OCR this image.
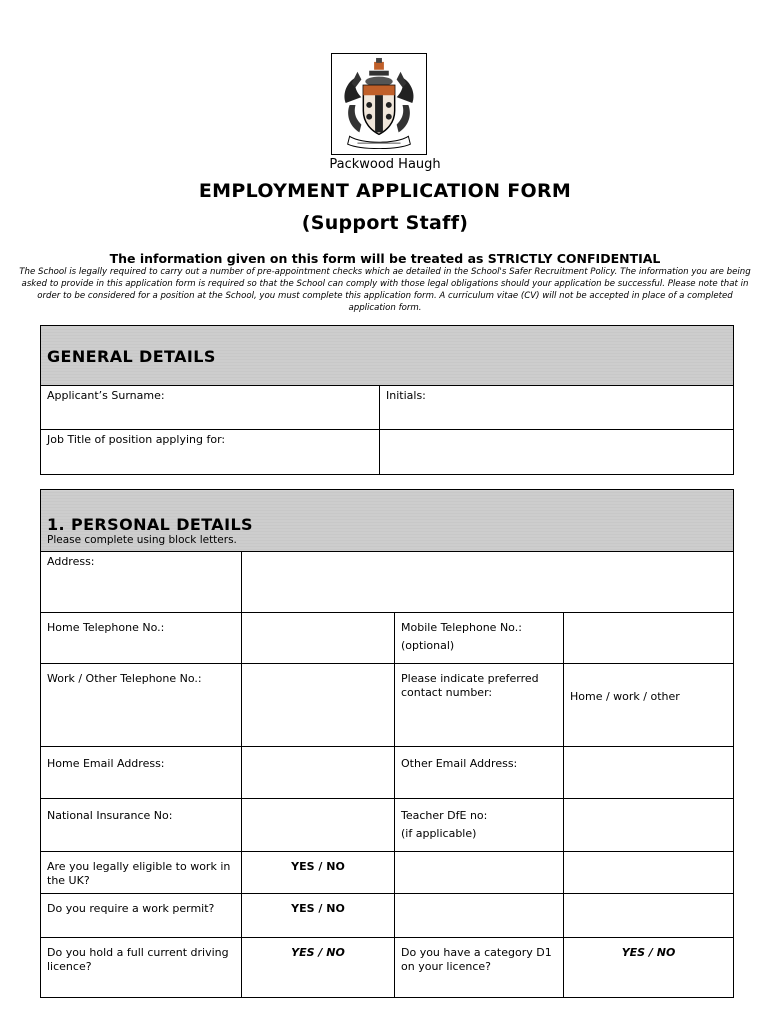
Packwood Haugh
EMPLOYMENT APPLICATION FORM
(Support Staff)
The information given on this form will be treated as STRICTLY CONFIDENTIAL
The School is legally required to carry out a number of pre-appointment checks which ae detailed in the School's Safer Recruitment Policy. The information you are being asked to provide in this application form is required so that the School can comply with those legal obligations should your application be successful. Please note that in order to be considered for a position at the School, you must complete this application form. A curriculum vitae (CV) will not be accepted in place of a completed application form.
GENERAL DETAILS	
Applicant’s Surname:	Initials:
Job Title of position applying for:	
1. PERSONAL DETAILS
Please complete using block letters.			

Address:			
Home Telephone No.:		Mobile Telephone No.:
(optional)	

Work / Other Telephone No.:		Please indicate preferred contact number:	Home / work / other
Home Email Address:		Other Email Address:	
National Insurance No:		Teacher DfE no:
(if applicable)	

Are you legally eligible to work in the UK?	YES / NO		
Do you require a work permit?	YES / NO		
Do you hold a full current driving licence?	YES / NO	Do you have a category D1 on your licence?	YES / NO
